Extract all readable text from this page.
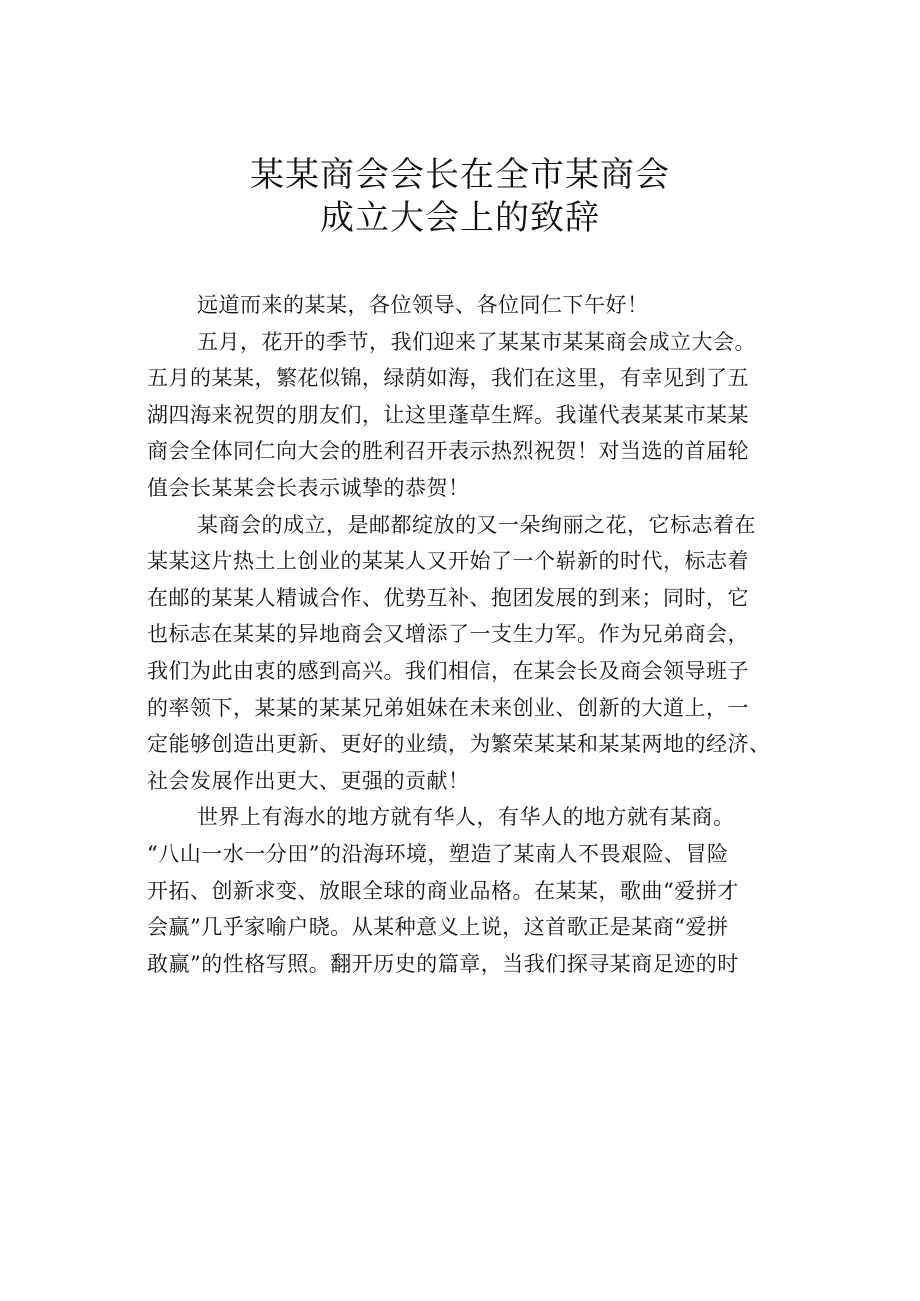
某某商会会长在全市某商会
成立大会上的致辞
远道而来的某某，各位领导、各位同仁下午好！
五月，花开的季节，我们迎来了某某市某某商会成立大会。
五月的某某，繁花似锦，绿荫如海，我们在这里，有幸见到了五
湖四海来祝贺的朋友们，让这里蓬草生辉。我谨代表某某市某某
商会全体同仁向大会的胜利召开表示热烈祝贺！对当选的首届轮
值会长某某会长表示诚挚的恭贺！
某商会的成立，是邮都绽放的又一朵绚丽之花，它标志着在
某某这片热土上创业的某某人又开始了一个崭新的时代，标志着
在邮的某某人精诚合作、优势互补、抱团发展的到来；同时，它
也标志在某某的异地商会又增添了一支生力军。作为兄弟商会，
我们为此由衷的感到高兴。我们相信，在某会长及商会领导班子
的率领下，某某的某某兄弟姐妹在未来创业、创新的大道上，一
定能够创造出更新、更好的业绩，为繁荣某某和某某两地的经济、
社会发展作出更大、更强的贡献！
世界上有海水的地方就有华人，有华人的地方就有某商。
“八山一水一分田”的沿海环境，塑造了某南人不畏艰险、冒险
开拓、创新求变、放眼全球的商业品格。在某某，歌曲“爱拼才
会赢”几乎家喻户晓。从某种意义上说，这首歌正是某商“爱拼
敢赢”的性格写照。翻开历史的篇章，当我们探寻某商足迹的时
